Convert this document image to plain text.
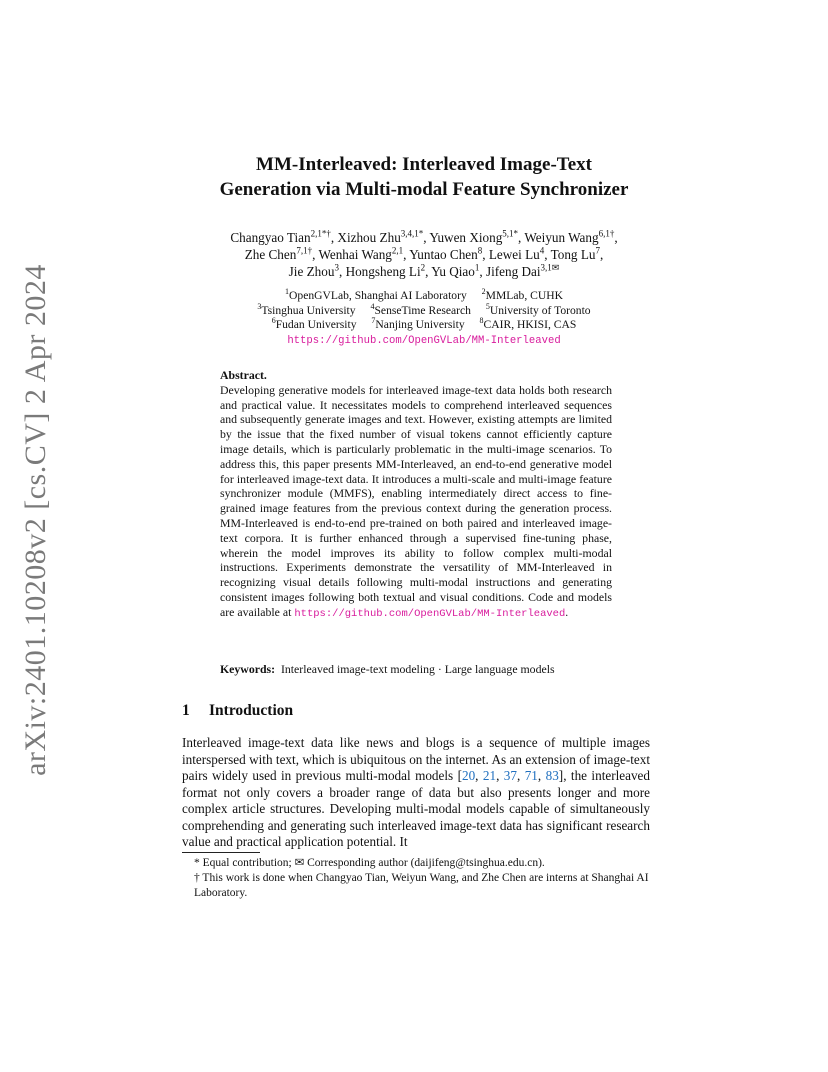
arXiv:2401.10208v2 [cs.CV] 2 Apr 2024
MM-Interleaved: Interleaved Image-Text
Generation via Multi-modal Feature Synchronizer
Changyao Tian$^{2,1*\dagger}$, Xizhou Zhu$^{3,4,1*}$, Yuwen Xiong$^{5,1*}$, Weiyun Wang$^{6,1\dagger}$,
Zhe Chen$^{7,1\dagger}$, Wenhai Wang$^{2,1}$, Yuntao Chen$^8$, Lewei Lu$^4$, Tong Lu$^7$,
Jie Zhou$^3$, Hongsheng Li$^2$, Yu Qiao$^1$, Jifeng Dai$^{3,1✉}$
$^1$OpenGVLab, Shanghai AI Laboratory $^2$MMLab, CUHK
$^3$Tsinghua University $^4$SenseTime Research $^5$University of Toronto
$^6$Fudan University $^7$Nanjing University $^8$CAIR, HKISI, CAS
https://github.com/OpenGVLab/MM-Interleaved
Abstract.
Developing generative models for interleaved image-text data holds both research and practical value. It necessitates models to comprehend interleaved sequences and subsequently generate images and text. However, existing attempts are limited by the issue that the fixed number of visual tokens cannot efficiently capture image details, which is particularly problematic in the multi-image scenarios. To address this, this paper presents MM-Interleaved, an end-to-end generative model for interleaved image-text data. It introduces a multi-scale and multi-image feature synchronizer module (MMFS), enabling intermediately direct access to fine-grained image features from the previous context during the generation process. MM-Interleaved is end-to-end pre-trained on both paired and interleaved image-text corpora. It is further enhanced through a supervised fine-tuning phase, wherein the model improves its ability to follow complex multi-modal instructions. Experiments demonstrate the versatility of MM-Interleaved in recognizing visual details following multi-modal instructions and generating consistent images following both textual and visual conditions. Code and models are available at https://github.com/OpenGVLab/MM-Interleaved.
Keywords: Interleaved image-text modeling · Large language models
1 Introduction
Interleaved image-text data like news and blogs is a sequence of multiple images interspersed with text, which is ubiquitous on the internet. As an extension of image-text pairs widely used in previous multi-modal models [20, 21, 37, 71, 83], the interleaved format not only covers a broader range of data but also presents longer and more complex article structures. Developing multi-modal models capable of simultaneously comprehending and generating such interleaved image-text data has significant research value and practical application potential. It
* Equal contribution; ✉ Corresponding author (daijifeng@tsinghua.edu.cn).
† This work is done when Changyao Tian, Weiyun Wang, and Zhe Chen are interns at Shanghai AI Laboratory.
